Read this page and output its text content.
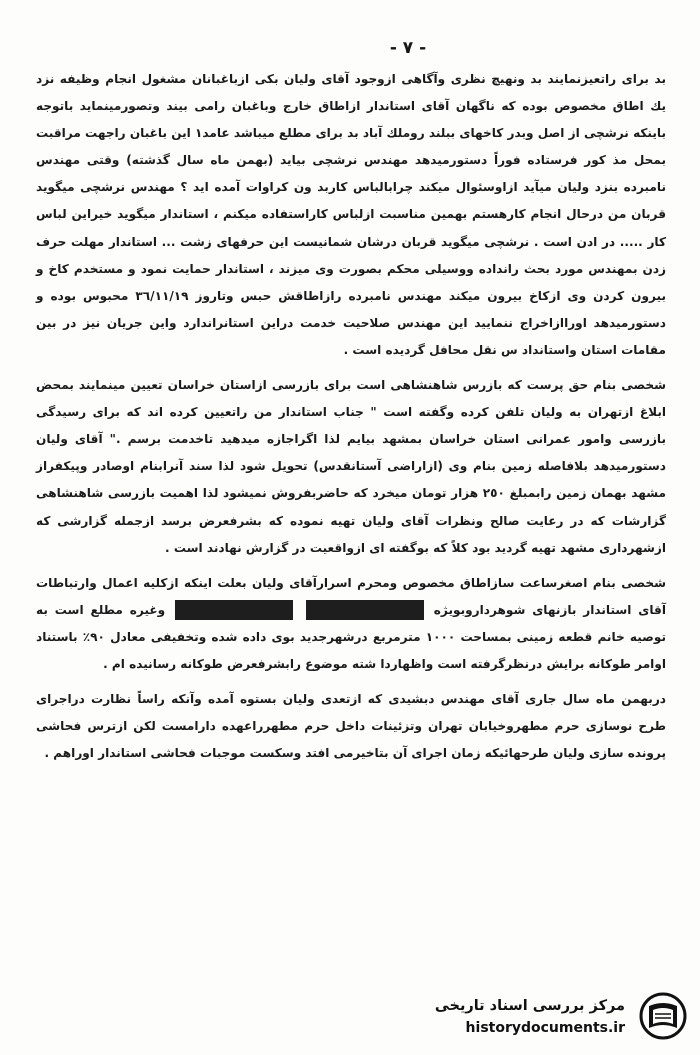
- ۷ -

بد براى راتعيزنمايند بد ونهيچ نظرى وآگاهى ازوجود آقاى وليان بكى ازباغبانان مشغول انجام وظيفه نزد يك اطاق مخصوص بوده كه ناگهان آقاى استاندار ازاطاق خارج وباغبان رامى بيند وتصورمينمايد باتوجه باينكه نرشچى از اصل وبدر كاخهاى ببلند روملك آباد بد براى مطلع ميباشد عامد١ اين باغبان راجهت مراقبت بمحل مذ كور فرستاده فوراً دستورميدهد مهندس نرشچى بيايد (بهمن ماه سال گذشته) وقتى مهندس نامبرده بنزد وليان ميآيد ازاوسئوال ميكند چرابالباس كاربد ون كراوات آمده ايد ؟ مهندس نرشچى ميگويد قربان من درحال انجام كارهستم بهمين مناسبت ازلباس كاراستفاده ميكنم ، استاندار ميگويد خيراين لباس كار ..... در ادن است . نرشچى ميگويد قربان درشان شمانيست اين حرفهاى زشت ... استاندار مهلت حرف زدن بمهندس مورد بحث رانداده ووسيلى محكم بصورت وى ميزند ، استاندار حمايت نمود و مستخدم كاخ و بيرون كردن وى ازكاخ بيرون ميكند مهندس نامبرده رازاطاقش حبس وتاروز ٣٦/١١/١٩ محبوس بوده و دستورميدهد اوراازاخراج ننماييد اين مهندس صلاحيت خدمت دراين استانراندارد واين جريان نيز در بين مقامات استان واستانداد س نقل محافل گرديده است .

شخصى بنام حق پرست كه بازرس شاهنشاهى است براى بازرسى ازاستان خراسان تعيين مينمايند بمحض ابلاغ ازتهران به وليان تلفن كرده وگفته است " جناب استاندار من راتعيين كرده اند كه براى رسيدگى بازرسى وامور عمرانى استان خراسان بمشهد بيايم لذا اگراجازه ميدهيد تاخدمت برسم ." آقاى وليان دستورميدهد بلافاصله زمين بنام وى (ازاراضى آستانقدس) تحويل شود لذا سند آنرابنام اوصادر وپيكفراز مشهد بهمان زمين رابمبلغ ٢٥٠ هزار تومان ميخرد كه حاضربفروش نميشود لذا اهميت بازرسى شاهنشاهى گزارشات كه در رعايت صالح ونظرات آقاى وليان تهيه نموده كه بشرفعرض برسد ازجمله گزارشى كه ازشهردارى مشهد تهيه گرديد بود كلاً كه بوگفته اى ازواقعيت در گزارش نهادند است .

شخصى بنام اصغرساعت سازاطاق مخصوص ومحرم اسرارآقاى وليان بعلت اينكه ازكليه اعمال وارتباطات آقاى استاندار بازنهاى شوهرداروبويژه   وغيره مطلع است به توصيه خانم قطعه زمينى بمساحت ١٠٠٠ مترمربع درشهرجديد بوى داده شده وتخفيفى معادل ٩٠٪ باستناد اوامر طوكانه برايش درنظرگرفته است واظهاردا شته موضوع رابشرفعرض طوكانه رسانيده ام .

دربهمن ماه سال جارى آقاى مهندس دبشيدى كه ازتعدى وليان بستوه آمده وآنكه راساً نظارت دراجراى طرح نوسازى حرم مطهروخيابان تهران وتزئينات داخل حرم مطهرراعهده دارامست لكن ازترس فحاشى پرونده سازى وليان طرحهائيكه زمان اجراى آن بتاخيرمى افتد وسكست موجبات فحاشى استاندار اوراهم .

مرکز بررسی اسناد تاریخی
historydocuments.ir
